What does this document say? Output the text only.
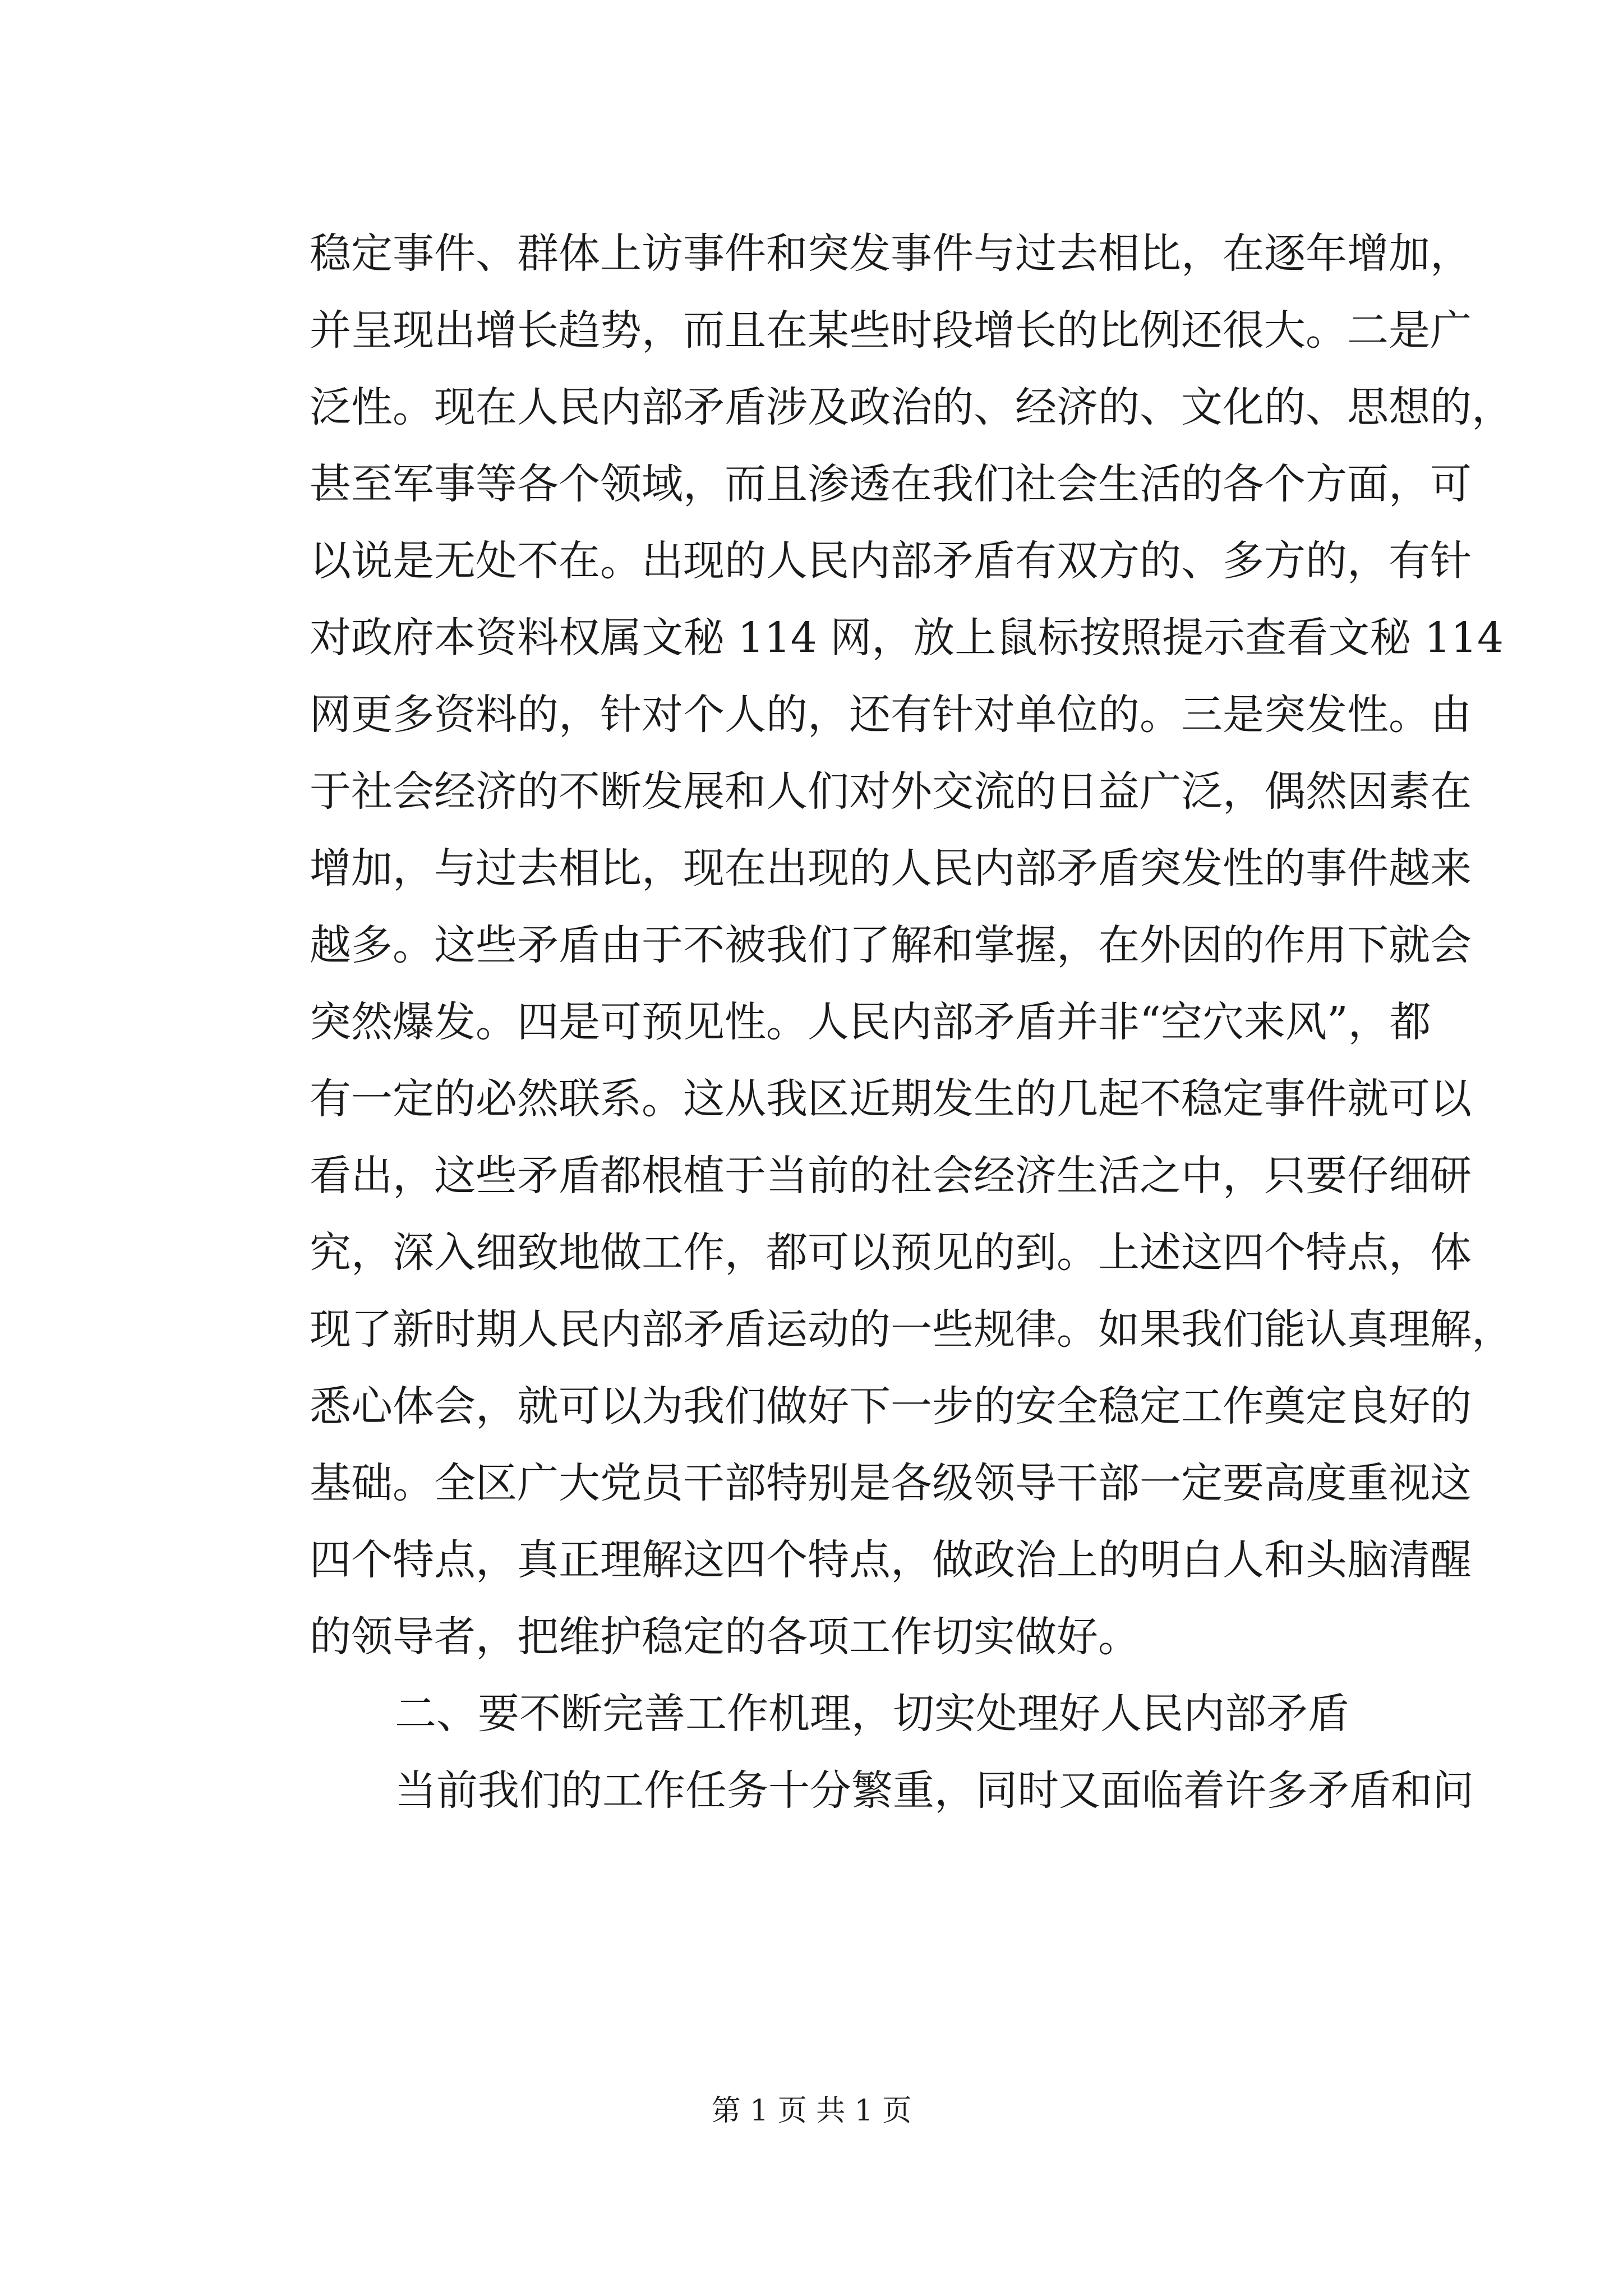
稳定事件、群体上访事件和突发事件与过去相比，在逐年增加，
并呈现出增长趋势，而且在某些时段增长的比例还很大。二是广
泛性。现在人民内部矛盾涉及政治的、经济的、文化的、思想的，
甚至军事等各个领域，而且渗透在我们社会生活的各个方面，可
以说是无处不在。出现的人民内部矛盾有双方的、多方的，有针
对政府本资料权属文秘 114 网，放上鼠标按照提示查看文秘 114
网更多资料的，针对个人的，还有针对单位的。三是突发性。由
于社会经济的不断发展和人们对外交流的日益广泛，偶然因素在
增加，与过去相比，现在出现的人民内部矛盾突发性的事件越来
越多。这些矛盾由于不被我们了解和掌握，在外因的作用下就会
突然爆发。四是可预见性。人民内部矛盾并非“空穴来风”，都
有一定的必然联系。这从我区近期发生的几起不稳定事件就可以
看出，这些矛盾都根植于当前的社会经济生活之中，只要仔细研
究，深入细致地做工作，都可以预见的到。上述这四个特点，体
现了新时期人民内部矛盾运动的一些规律。如果我们能认真理解，
悉心体会，就可以为我们做好下一步的安全稳定工作奠定良好的
基础。全区广大党员干部特别是各级领导干部一定要高度重视这
四个特点，真正理解这四个特点，做政治上的明白人和头脑清醒
的领导者，把维护稳定的各项工作切实做好。
二、要不断完善工作机理，切实处理好人民内部矛盾
当前我们的工作任务十分繁重，同时又面临着许多矛盾和问
第 1 页 共 1 页
